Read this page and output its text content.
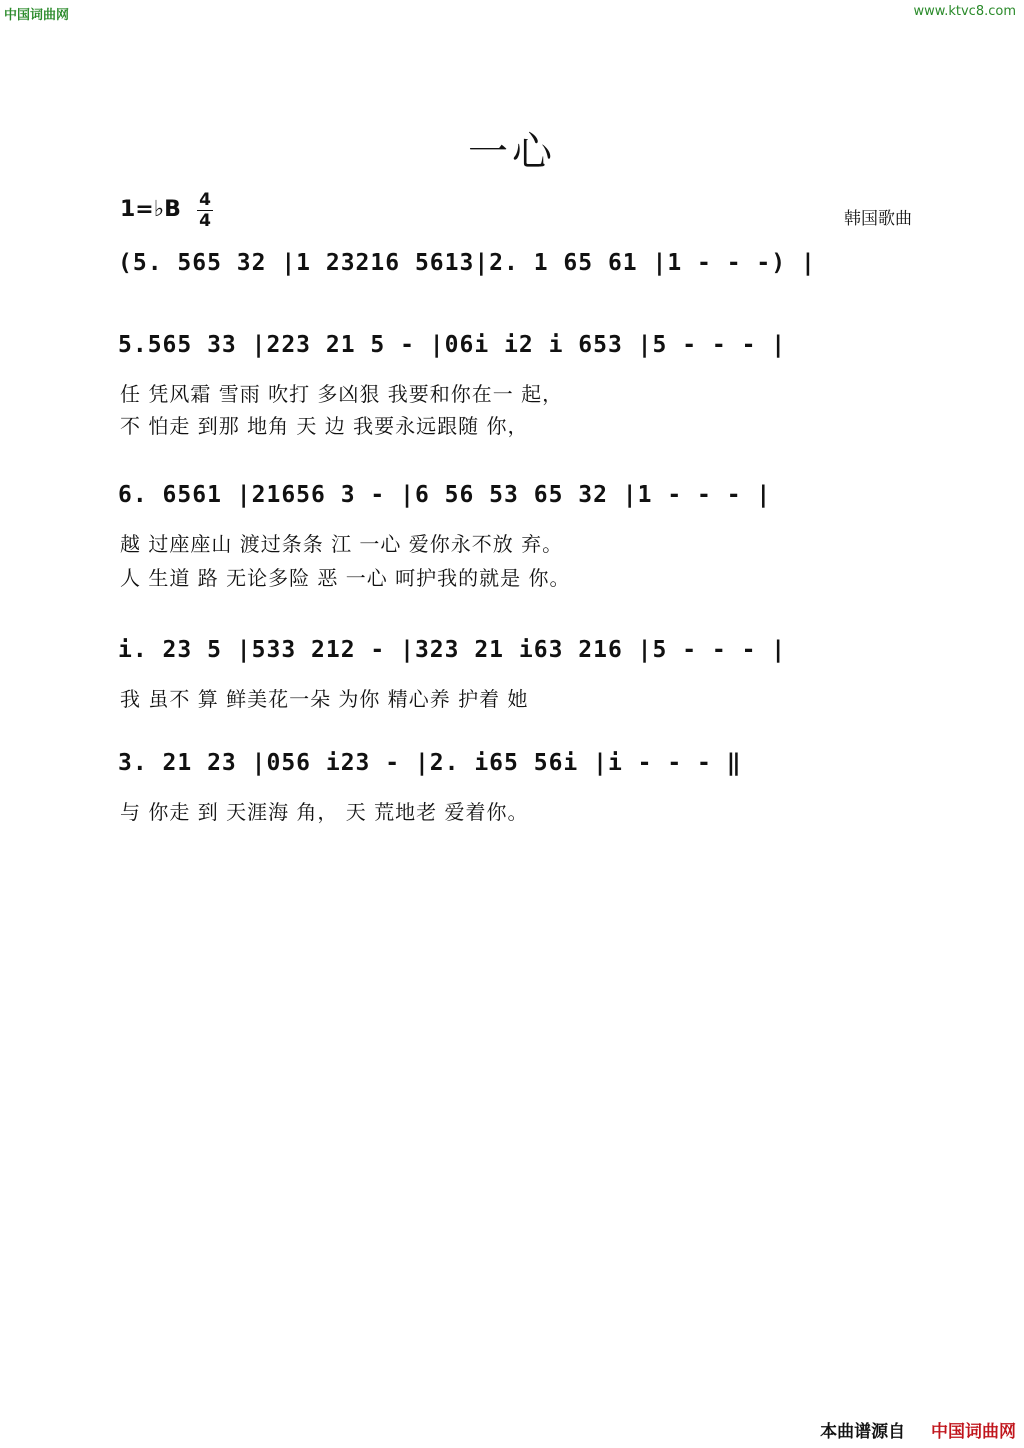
中国词曲网	www.ktvc8.com
一心
1=♭B 4
4	韩国歌曲
(5. 565 32 |1 23216 5613|2. 1 65 61 |1 - - -) |
5.565 33 |223 21 5 - |06i i2 i 653 |5 - - - |
任 凭风霜 雪雨 吹打 多凶狠 我要和你在一 起，
不 怕走 到那 地角 天 边 我要永远跟随 你，
6. 6561 |21656 3 - |6 56 53 65 32 |1 - - - |
越 过座座山 渡过条条 江 一心 爱你永不放 弃。
人 生道 路 无论多险 恶 一心 呵护我的就是 你。
i. 23 5 |533 212 - |323 21 i63 216 |5 - - - |
我 虽不 算 鲜美花一朵 为你 精心养 护着 她
3. 21 23 |056 i23 - |2. i65 56i |i - - - ‖
与 你走 到 天涯海 角， 天 荒地老 爱着你。
本曲谱源自 中国词曲网
